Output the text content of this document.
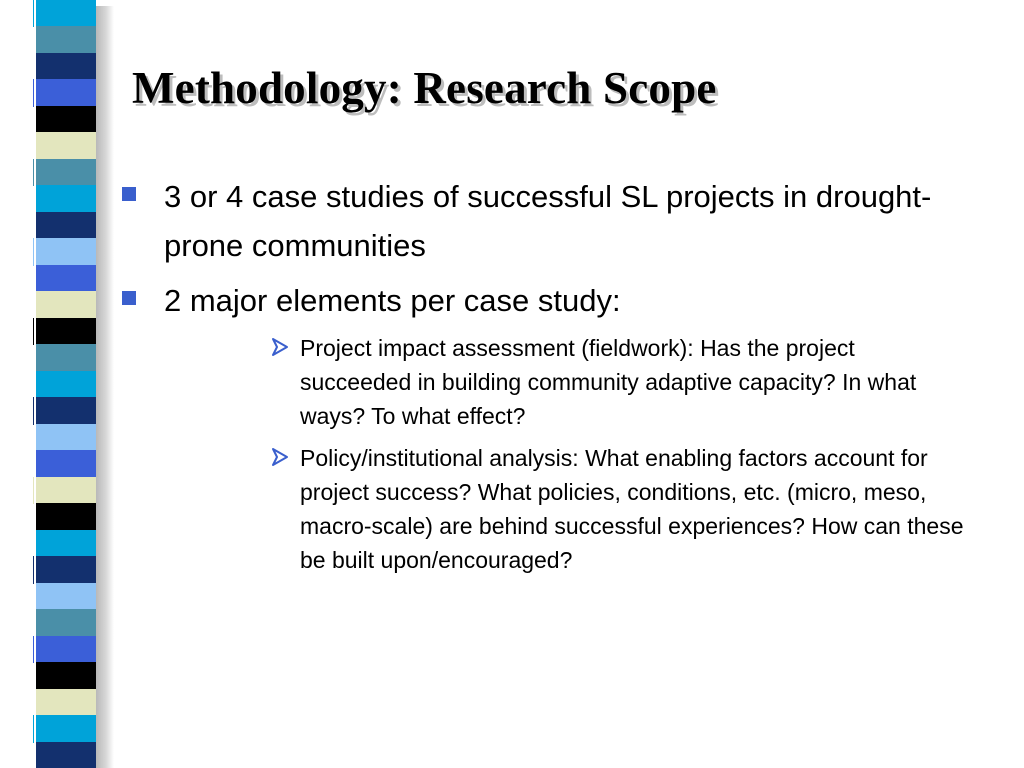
Methodology: Research Scope
3 or 4 case studies of successful SL projects in drought-prone communities
2 major elements per case study:
Project impact assessment (fieldwork): Has the project succeeded in building community adaptive capacity? In what ways? To what effect?
Policy/institutional analysis: What enabling factors account for project success? What policies, conditions, etc. (micro, meso, macro-scale) are behind successful experiences? How can these be built upon/encouraged?
